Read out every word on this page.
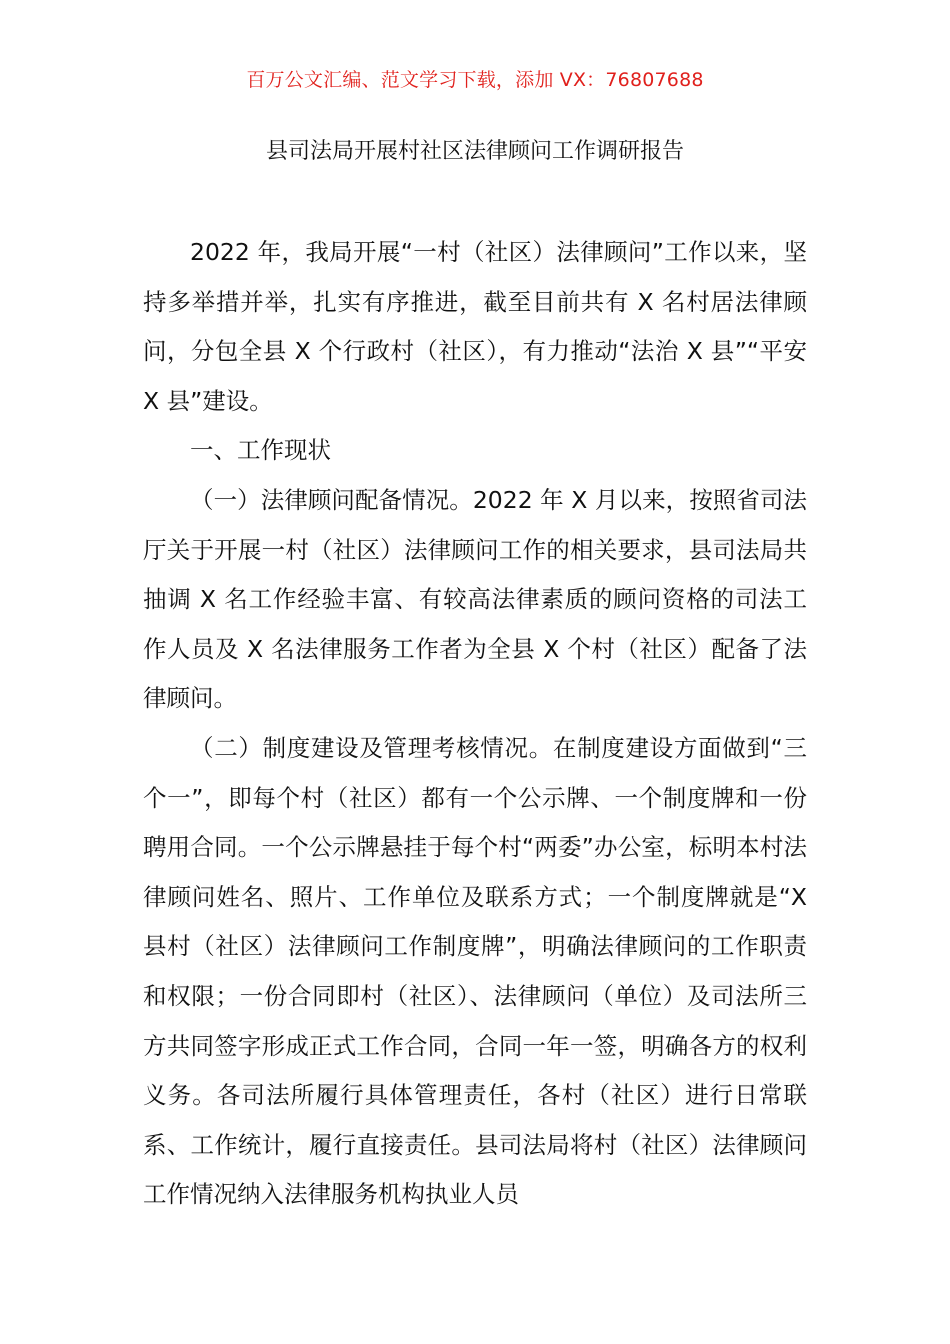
百万公文汇编、范文学习下载，添加 VX：76807688
县司法局开展村社区法律顾问工作调研报告

2022 年，我局开展“一村（社区）法律顾问”工作以来，坚持多举措并举，扎实有序推进，截至目前共有 X 名村居法律顾问，分包全县 X 个行政村（社区），有力推动“法治 X 县”“平安 X 县”建设。

一、工作现状

（一）法律顾问配备情况。2022 年 X 月以来，按照省司法厅关于开展一村（社区）法律顾问工作的相关要求，县司法局共抽调 X 名工作经验丰富、有较高法律素质的顾问资格的司法工作人员及 X 名法律服务工作者为全县 X 个村（社区）配备了法律顾问。

（二）制度建设及管理考核情况。在制度建设方面做到“三个一”，即每个村（社区）都有一个公示牌、一个制度牌和一份聘用合同。一个公示牌悬挂于每个村“两委”办公室，标明本村法律顾问姓名、照片、工作单位及联系方式；一个制度牌就是“X 县村（社区）法律顾问工作制度牌”，明确法律顾问的工作职责和权限；一份合同即村（社区）、法律顾问（单位）及司法所三方共同签字形成正式工作合同，合同一年一签，明确各方的权利义务。各司法所履行具体管理责任，各村（社区）进行日常联系、工作统计，履行直接责任。县司法局将村（社区）法律顾问工作情况纳入法律服务机构执业人员
